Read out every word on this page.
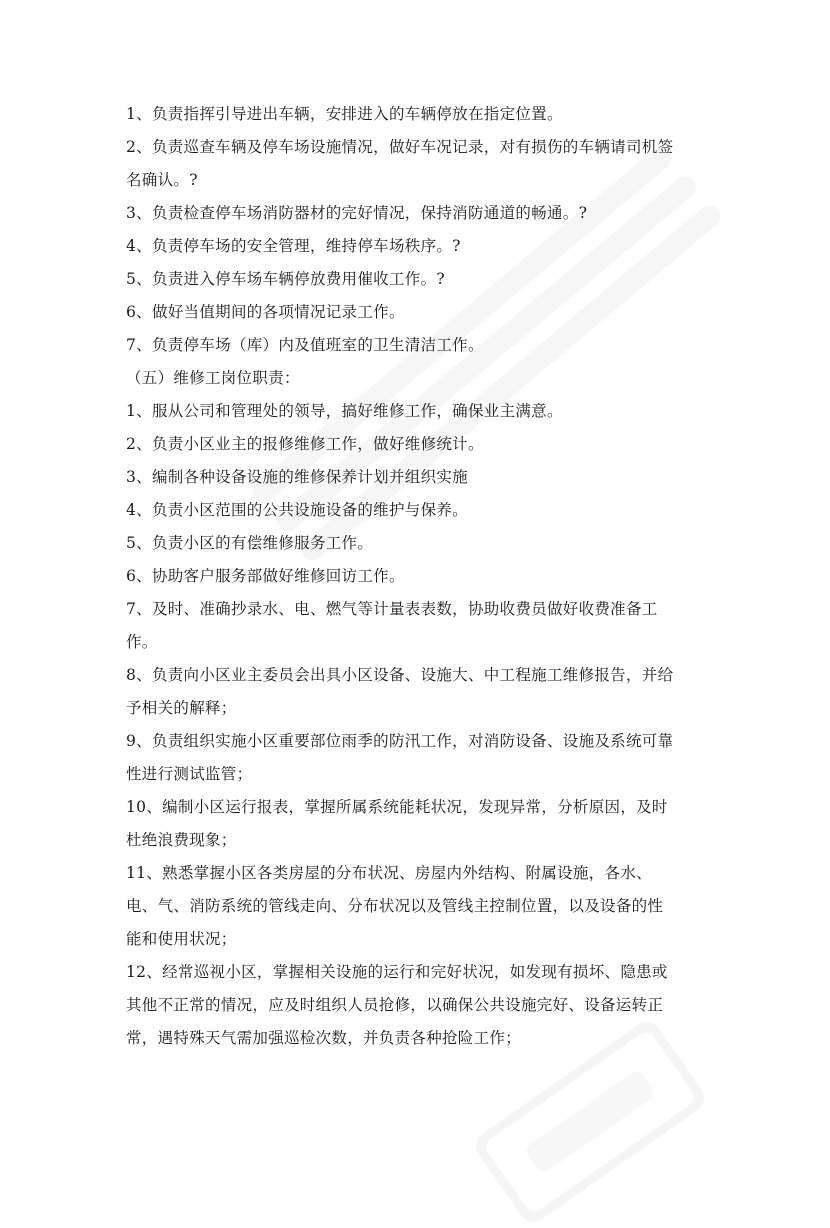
1、负责指挥引导进出车辆，安排进入的车辆停放在指定位置。
2、负责巡查车辆及停车场设施情况，做好车况记录，对有损伤的车辆请司机签
名确认。?
3、负责检查停车场消防器材的完好情况，保持消防通道的畅通。?
4、负责停车场的安全管理，维持停车场秩序。?
5、负责进入停车场车辆停放费用催收工作。?
6、做好当值期间的各项情况记录工作。
7、负责停车场（库）内及值班室的卫生清洁工作。
（五）维修工岗位职责：
1、服从公司和管理处的领导，搞好维修工作，确保业主满意。
2、负责小区业主的报修维修工作，做好维修统计。
3、编制各种设备设施的维修保养计划并组织实施
4、负责小区范围的公共设施设备的维护与保养。
5、负责小区的有偿维修服务工作。
6、协助客户服务部做好维修回访工作。
7、及时、准确抄录水、电、燃气等计量表表数，协助收费员做好收费准备工
作。
8、负责向小区业主委员会出具小区设备、设施大、中工程施工维修报告，并给
予相关的解释；
9、负责组织实施小区重要部位雨季的防汛工作，对消防设备、设施及系统可靠
性进行测试监管；
10、编制小区运行报表，掌握所属系统能耗状况，发现异常，分析原因，及时
杜绝浪费现象；
11、熟悉掌握小区各类房屋的分布状况、房屋内外结构、附属设施，各水、
电、气、消防系统的管线走向、分布状况以及管线主控制位置，以及设备的性
能和使用状况；
12、经常巡视小区，掌握相关设施的运行和完好状况，如发现有损坏、隐患或
其他不正常的情况，应及时组织人员抢修，以确保公共设施完好、设备运转正
常，遇特殊天气需加强巡检次数，并负责各种抢险工作；
